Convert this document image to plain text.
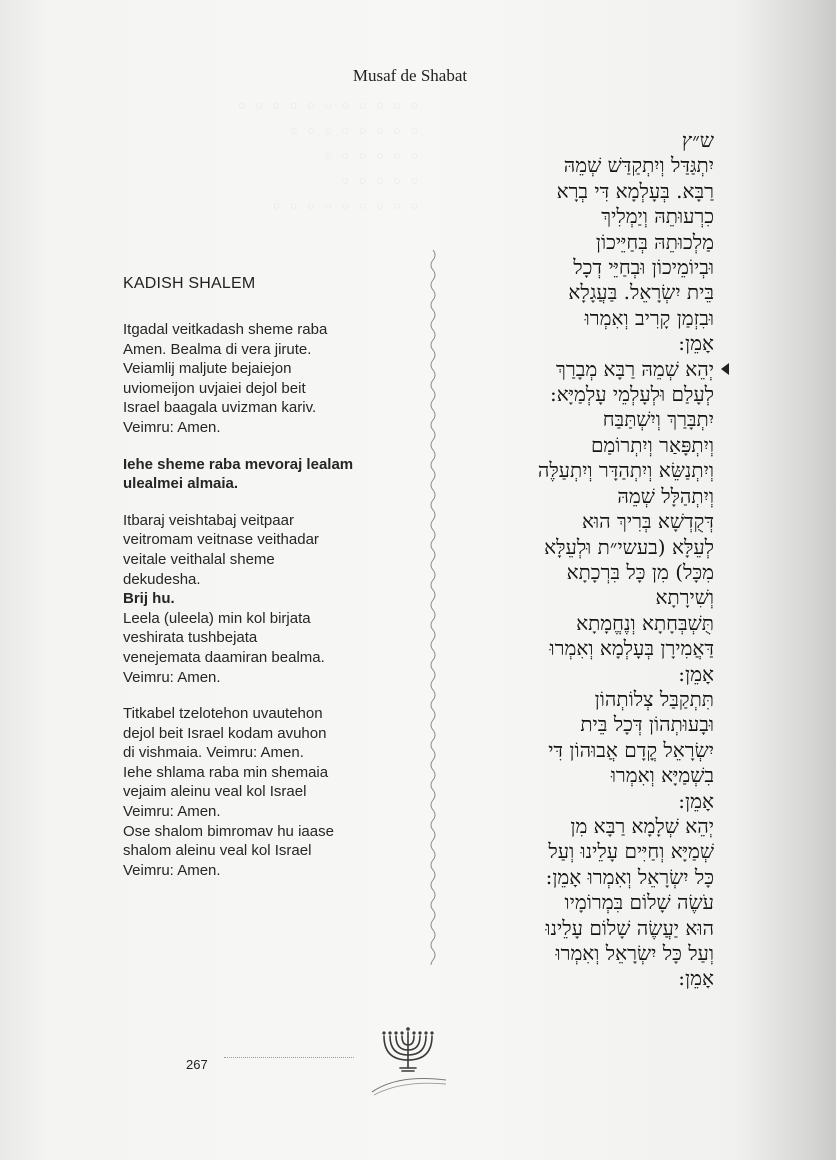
◦ ◦ ◦ ◦ ◦ ◦ ◦ ◦ ◦ ◦ ◦
◦ ◦ ◦ ◦ ◦ ◦ ◦ ◦
◦ ◦ ◦ ◦ ◦ ◦
◦ ◦ ◦ ◦ ◦
◦ ◦ ◦ ◦ ◦ ◦ ◦ ◦ ◦
Musaf de Shabat
KADISH SHALEM

Itgadal veitkadash sheme raba
Amen. Bealma di vera jirute.
Veiamlij maljute bejaiejon
uviomeijon uvjaiei dejol beit
Israel baagala uvizman kariv.
Veimru: Amen.

Iehe sheme raba mevoraj lealam
ulealmei almaia.

Itbaraj veishtabaj veitpaar
veitromam veitnase veithadar
veitale veithalal sheme
dekudesha.
Brij hu.
Leela (uleela) min kol birjata
veshirata tushbejata
venejemata daamiran bealma.
Veimru: Amen.

Titkabel tzelotehon uvautehon
dejol beit Israel kodam avuhon
di vishmaia. Veimru: Amen.
Iehe shlama raba min shemaia
vejaim aleinu veal kol Israel
Veimru: Amen.
Ose shalom bimromav hu iaase
shalom aleinu veal kol Israel
Veimru: Amen.

ש״ץ
יִתְגַּדַּל וְיִתְקַדַּשׁ שְׁמֵהּ
רַבָּא. בְּעָלְמָא דִּי בְרָא
כִרְעוּתֵהּ וְיַמְלִיךְ
מַלְכוּתֵהּ בְּחַיֵּיכוֹן
וּבְיוֹמֵיכוֹן וּבְחַיֵּי דְכָל
בֵּית יִשְׂרָאֵל. בַּעֲגָלָא
וּבִזְמַן קָרִיב וְאִמְרוּ
אָמֵן:
יְהֵא שְׁמֵהּ רַבָּא מְבָרַךְ
לְעָלַם וּלְעָלְמֵי עָלְמַיָּא:
יִתְבָּרַךְ וְיִשְׁתַּבַּח
וְיִתְפָּאַר וְיִתְרוֹמַם
וְיִתְנַשֵּׂא וְיִתְהַדָּר וְיִתְעַלֶּה
וְיִתְהַלָּל שְׁמֵהּ
דְּקֻדְשָׁא בְּרִיךְ הוּא
לְעֵלָּא (בעשי״ת וּלְעֵלָּא
מִכָּל) מִן כָּל בִּרְכָתָא
וְשִׁירָתָא
תֻּשְׁבְּחָתָא וְנֶחֱמָתָא
דַּאֲמִירָן בְּעָלְמָא וְאִמְרוּ
אָמֵן:
תִּתְקַבַּל צְלוֹתְהוֹן
וּבָעוּתְהוֹן דְּכָל בֵּית
יִשְׂרָאֵל קֳדָם אֲבוּהוֹן דִּי
בִשְׁמַיָּא וְאִמְרוּ
אָמֵן:
יְהֵא שְׁלָמָא רַבָּא מִן
שְׁמַיָּא וְחַיִּים עָלֵינוּ וְעַל
כָּל יִשְׂרָאֵל וְאִמְרוּ אָמֵן:
עֹשֶׂה שָׁלוֹם בִּמְרוֹמָיו
הוּא יַעֲשֶׂה שָׁלוֹם עָלֵינוּ
וְעַל כָּל יִשְׂרָאֵל וְאִמְרוּ
אָמֵן:
267
